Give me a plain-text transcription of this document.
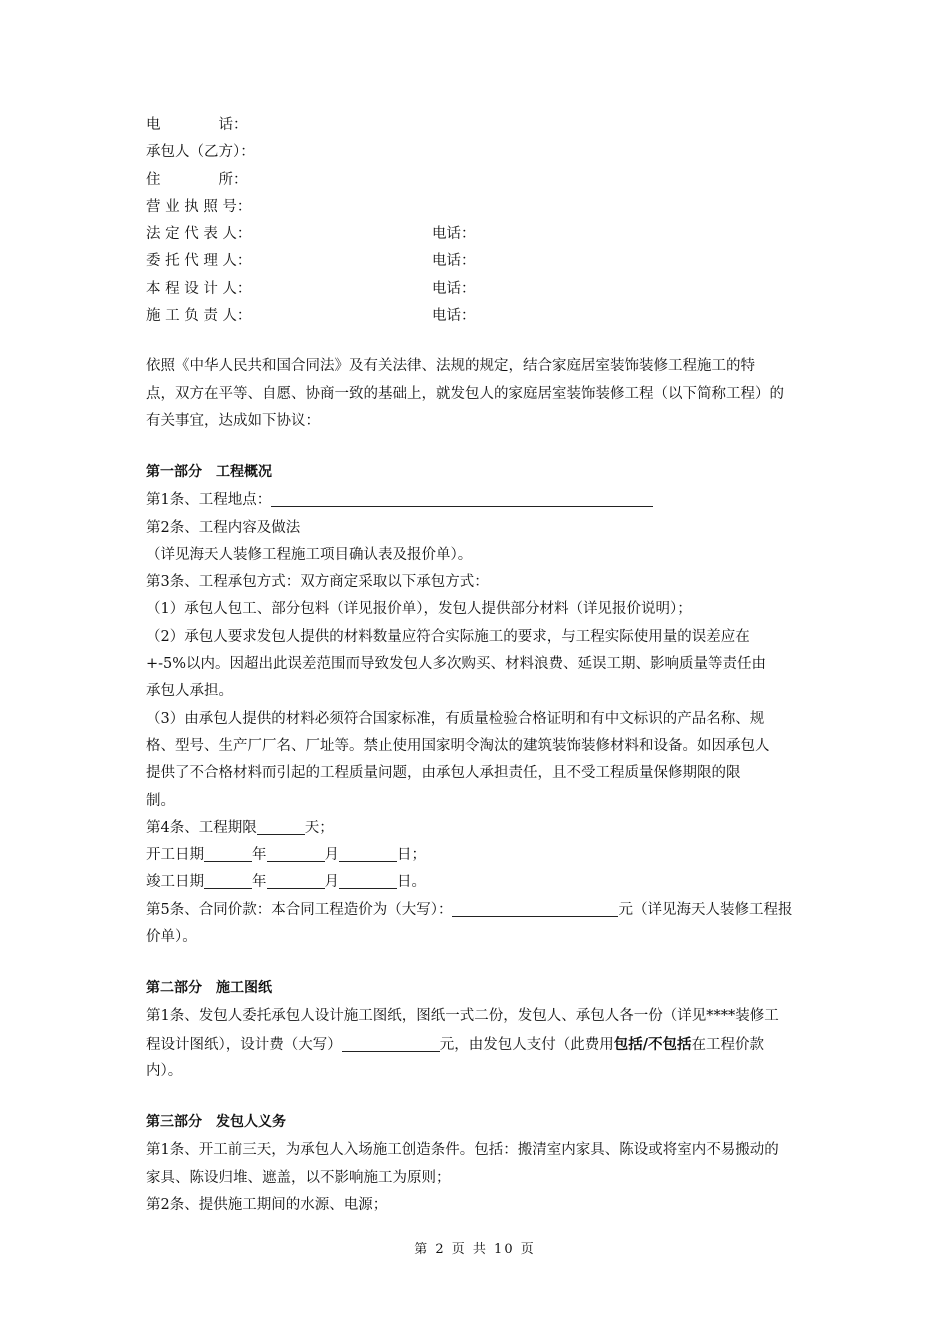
电　　　　话：
承包人（乙方）：
住　　　　所：
营 业 执 照 号：
法 定 代 表 人：	电话：
委 托 代 理 人：	电话：
本 程 设 计 人：	电话：
施 工 负 责 人：	电话：
依照《中华人民共和国合同法》及有关法律、法规的规定，结合家庭居室装饰装修工程施工的特
点，双方在平等、自愿、协商一致的基础上，就发包人的家庭居室装饰装修工程（以下简称工程）的
有关事宜，达成如下协议：
第一部分　工程概况
第1条、工程地点：
第2条、工程内容及做法
（详见海天人装修工程施工项目确认表及报价单）。
第3条、工程承包方式：双方商定采取以下承包方式：
（1）承包人包工、部分包料（详见报价单），发包人提供部分材料（详见报价说明）；
（2）承包人要求发包人提供的材料数量应符合实际施工的要求，与工程实际使用量的误差应在
+-5%以内。因超出此误差范围而导致发包人多次购买、材料浪费、延误工期、影响质量等责任由
承包人承担。
（3）由承包人提供的材料必须符合国家标准，有质量检验合格证明和有中文标识的产品名称、规
格、型号、生产厂厂名、厂址等。禁止使用国家明令淘汰的建筑装饰装修材料和设备。如因承包人
提供了不合格材料而引起的工程质量问题，由承包人承担责任，且不受工程质量保修期限的限
制。
第4条、工程期限	天；
开工日期	年	月	日；
竣工日期	年	月	日。
第5条、合同价款：本合同工程造价为（大写）：	元（详见海天人装修工程报
价单）。
第二部分　施工图纸
第1条、发包人委托承包人设计施工图纸，图纸一式二份，发包人、承包人各一份（详见****装修工
程设计图纸），设计费（大写）	元，由发包人支付（此费用包括/不包括在工程价款
内）。
第三部分　发包人义务
第1条、开工前三天，为承包人入场施工创造条件。包括：搬清室内家具、陈设或将室内不易搬动的
家具、陈设归堆、遮盖，以不影响施工为原则；
第2条、提供施工期间的水源、电源；
第 2 页 共 10 页
